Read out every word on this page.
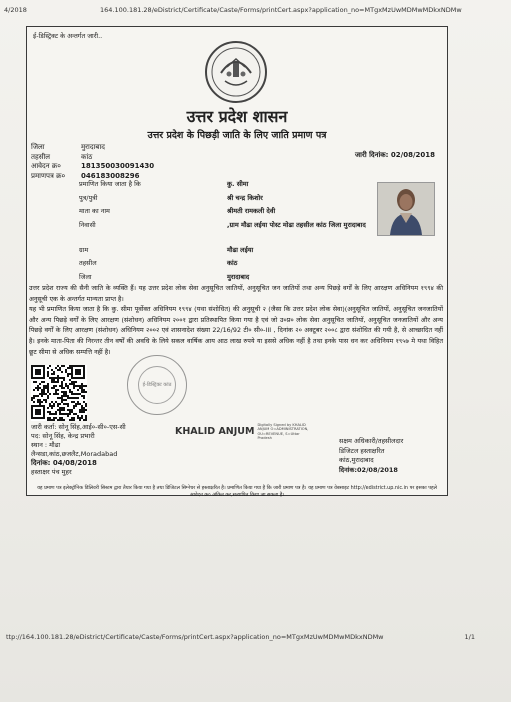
4/2018	164.100.181.28/eDistrict/Certificate/Caste/Forms/printCert.aspx?application_no=MTgxMzUwMDMwMDkxNDMw
ई-डिस्ट्रिक्ट के अन्तर्गत जारी..
उत्तर प्रदेश शासन
उत्तर प्रदेश के पिछड़ी जाति के लिए जाति प्रमाण पत्र
जिला	मुरादाबाद
तहसील	कांठ
आवेदन क्र०	181350030091430
प्रमाणपत्र क्र०	046183008296
जारी दिनांक: 02/08/2018
प्रमाणित किया जाता है कि	कु. सीमा
पुत्र/पुत्री	श्री चन्द्र किशोर
माता का नाम	श्रीमती रामकली देवी
निवासी	,ग्राम मौढा लईया पोस्ट मोढा तहसील कांठ जिला मुरादाबाद
ग्राम	मौढा लईया
तहसील	कांठ
जिला	मुरादाबाद

उत्तर प्रदेश राज्य की सैनी जाति के व्यक्ति हैं। यह उत्तर प्रदेश लोक सेवा अनुसूचित जातियों, अनुसूचित जन जातियों तथा अन्य पिछड़े वर्गों के लिए आरक्षण अधिनियम १९९४ की अनुसूची एक के अन्तर्गत मान्यता प्राप्त है।

यह भी प्रमाणित किया जाता है कि कु. सीमा पूर्वोक्त अधिनियम १९९४ (यथा संशोधित) की अनुसूची २ (जैसा कि उत्तर प्रदेश लोक सेवा)(अनुसूचित जातियों, अनुसूचित जनजातियों और अन्य पिछड़े वर्गों के लिए आरक्षण (संशोधन) अधिनियम २००१ द्वारा प्रतिस्थापित किया गया है एवं जो उ०प्र० लोक सेवा अनुसूचित जातियों, अनुसूचित जनजातियों और अन्य पिछड़े वर्गों के लिए आरक्षण (संशोधन) अधिनियम २००२ एवं शासनादेश संख्या 22/16/92 टी० सी०-III , दिनांक २० अक्टूबर २००८ द्वारा संशोधित की गयी है, से आच्छादित नहीं है। इनके माता-पिता की निरन्तर तीन वर्षों की अवधि के लिये सकल वार्षिक आय आठ लाख रुपये या इससे अधिक नहीं है तथा इनके पास धन कर अधिनियम १९५७ मे यथा विहित छूट सीमा से अधिक सम्पत्ति नहीं है।

ई-डिस्ट्रिक्ट कांठ
KHALID ANJUM
Digitally Signed by KHALID ANJUM O=ADMINISTRATION, OU=REVENUE, S=Uttar Pradesh
जारी कर्ता: सोनू सिंह,आई०-सी०-एस-सी
पद: सोनू सिंह, केन्द्र प्रभारी
स्थान : मौढा
लैन्सडा,कांठ,छजलैट,Moradabad
दिनांक: 04/08/2018
हस्ताक्षर पंच मुहर
सक्षम अधिकारी/तहसीलदार
डिजिटल हस्ताक्षरित
कांठ,मुरादाबाद
दिनांक:02/08/2018
यह प्रमाण पत्र इलेक्ट्रॉनिक डिलिवरी सिस्टम द्वारा तैयार किया गया है तथा डिजिटल सिग्नेचर से हस्ताक्षरित है। प्रमाणित किया गया है कि जारी प्रमाण पत्र है। यह प्रमाण पत्र वेबसाइट http://edistrict.up.nic.in पर इसका पहले आवेदन क्र० अंकित कर,सत्यापित किया जा सकता है।
ttp://164.100.181.28/eDistrict/Certificate/Caste/Forms/printCert.aspx?application_no=MTgxMzUwMDMwMDkxNDMw	1/1
